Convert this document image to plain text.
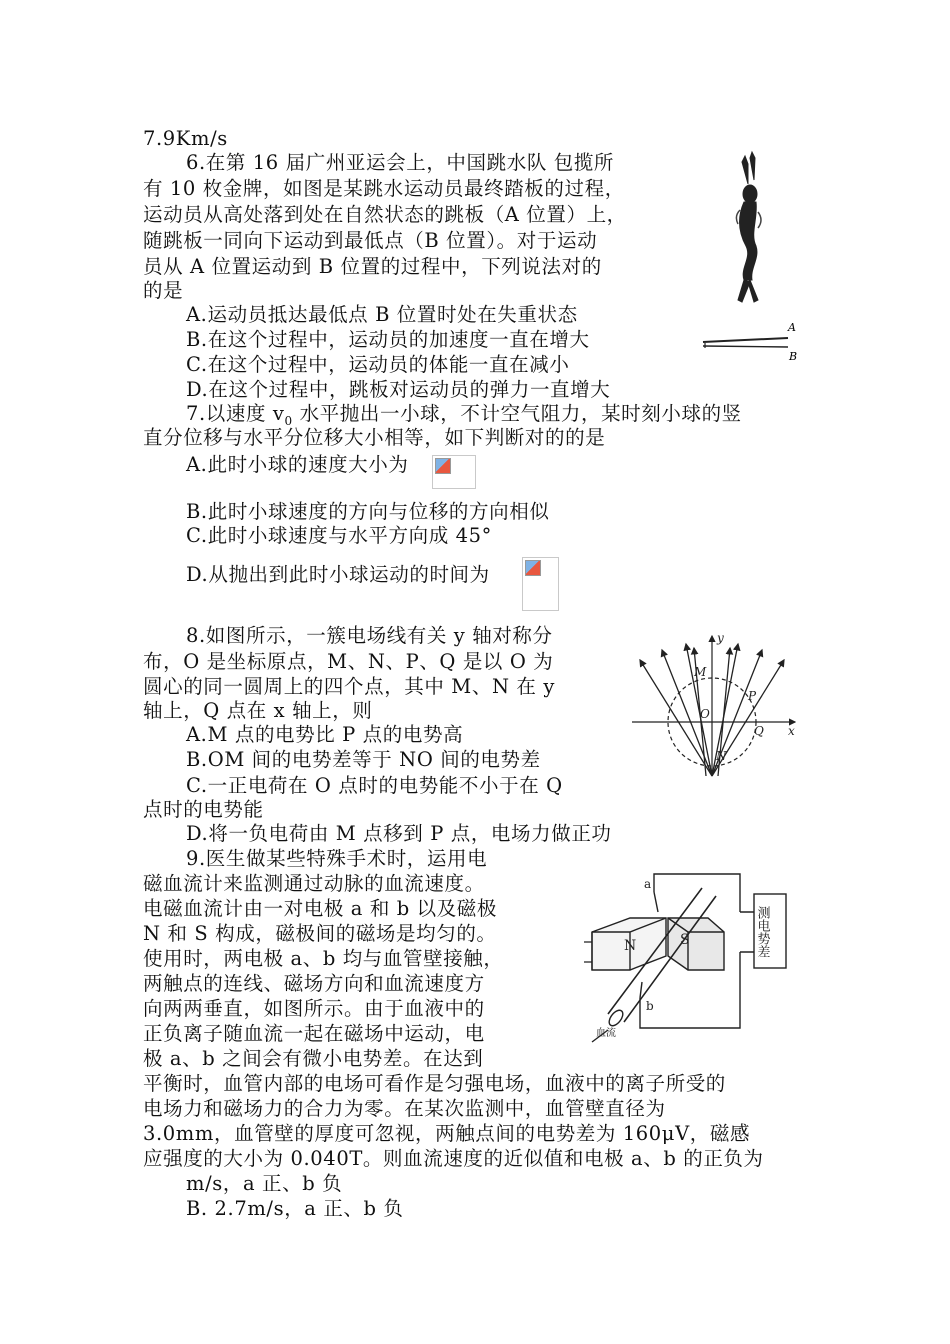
7.9Km/s
6.在第 16 届广州亚运会上，中国跳水队 包揽所
有 10 枚金牌，如图是某跳水运动员最终踏板的过程，
运动员从高处落到处在自然状态的跳板（A 位置）上，
随跳板一同向下运动到最低点（B 位置）。对于运动
员从 A 位置运动到 B 位置的过程中，下列说法对的
的是
A.运动员抵达最低点 B 位置时处在失重状态
B.在这个过程中，运动员的加速度一直在增大
C.在这个过程中，运动员的体能一直在减小
D.在这个过程中，跳板对运动员的弹力一直增大
A
B
7.以速度 $v_0$ 水平抛出一小球，不计空气阻力，某时刻小球的竖
直分位移与水平分位移大小相等，如下判断对的的是
A.此时小球的速度大小为
B.此时小球速度的方向与位移的方向相似
C.此时小球速度与水平方向成 45°
D.从抛出到此时小球运动的时间为
8.如图所示，一簇电场线有关 y 轴对称分
布，O 是坐标原点，M、N、P、Q 是以 O 为
圆心的同一圆周上的四个点，其中 M、N 在 y
轴上，Q 点在 x 轴上，则
A.M 点的电势比 P 点的电势高
B.OM 间的电势差等于 NO 间的电势差
C.一正电荷在 O 点时的电势能不小于在 Q
点时的电势能
D.将一负电荷由 M 点移到 P 点，电场力做正功
y
x
M
O
P
Q
N
9.医生做某些特殊手术时，运用电
磁血流计来监测通过动脉的血流速度。
电磁血流计由一对电极 a 和 b 以及磁极
N 和 S 构成，磁极间的磁场是均匀的。
使用时，两电极 a、b 均与血管壁接触，
两触点的连线、磁场方向和血流速度方
向两两垂直，如图所示。由于血液中的
正负离子随血流一起在磁场中运动，电
极 a、b 之间会有微小电势差。在达到
平衡时，血管内部的电场可看作是匀强电场，血液中的离子所受的
电场力和磁场力的合力为零。在某次监测中，血管壁直径为
3.0mm，血管壁的厚度可忽视，两触点间的电势差为 160μV，磁感
应强度的大小为 0.040T。则血流速度的近似值和电极 a、b 的正负为
m/s，a 正、b 负
B. 2.7m/s，a 正、b 负
a
b
N	S
血流
测电势差
